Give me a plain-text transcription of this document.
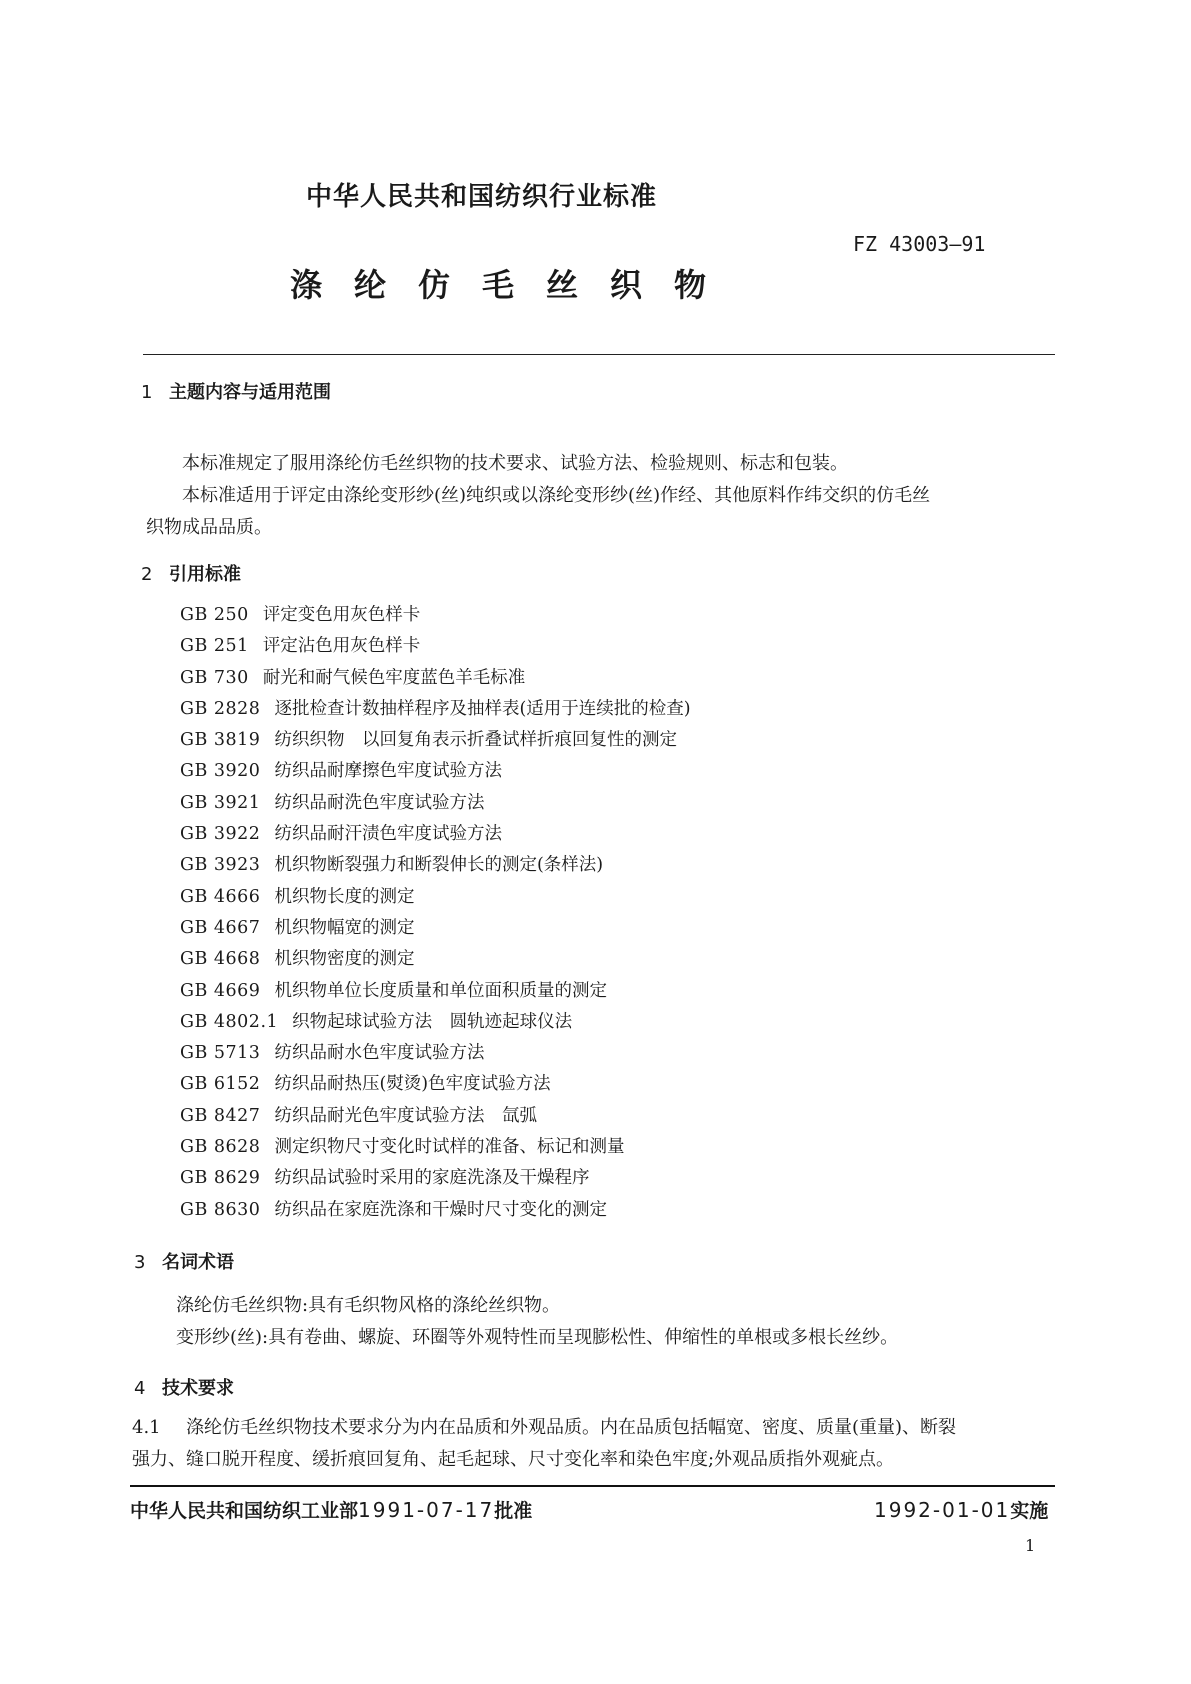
中华人民共和国纺织行业标准
FZ 43003—91
涤纶仿毛丝织物
1 主题内容与适用范围

本标准规定了服用涤纶仿毛丝织物的技术要求、试验方法、检验规则、标志和包装。

本标准适用于评定由涤纶变形纱(丝)纯织或以涤纶变形纱(丝)作经、其他原料作纬交织的仿毛丝

织物成品品质。

2 引用标准
GB 250 评定变色用灰色样卡
GB 251 评定沾色用灰色样卡
GB 730 耐光和耐气候色牢度蓝色羊毛标准
GB 2828 逐批检查计数抽样程序及抽样表(适用于连续批的检查)
GB 3819 纺织织物　以回复角表示折叠试样折痕回复性的测定
GB 3920 纺织品耐摩擦色牢度试验方法
GB 3921 纺织品耐洗色牢度试验方法
GB 3922 纺织品耐汗渍色牢度试验方法
GB 3923 机织物断裂强力和断裂伸长的测定(条样法)
GB 4666 机织物长度的测定
GB 4667 机织物幅宽的测定
GB 4668 机织物密度的测定
GB 4669 机织物单位长度质量和单位面积质量的测定
GB 4802.1 织物起球试验方法　圆轨迹起球仪法
GB 5713 纺织品耐水色牢度试验方法
GB 6152 纺织品耐热压(熨烫)色牢度试验方法
GB 8427 纺织品耐光色牢度试验方法　氙弧
GB 8628 测定织物尺寸变化时试样的准备、标记和测量
GB 8629 纺织品试验时采用的家庭洗涤及干燥程序
GB 8630 纺织品在家庭洗涤和干燥时尺寸变化的测定
3 名词术语

涤纶仿毛丝织物:具有毛织物风格的涤纶丝织物。

变形纱(丝):具有卷曲、螺旋、环圈等外观特性而呈现膨松性、伸缩性的单根或多根长丝纱。

4 技术要求

4.1 涤纶仿毛丝织物技术要求分为内在品质和外观品质。内在品质包括幅宽、密度、质量(重量)、断裂

强力、缝口脱开程度、缓折痕回复角、起毛起球、尺寸变化率和染色牢度;外观品质指外观疵点。

中华人民共和国纺织工业部1991-07-17批准	1992-01-01实施
1
